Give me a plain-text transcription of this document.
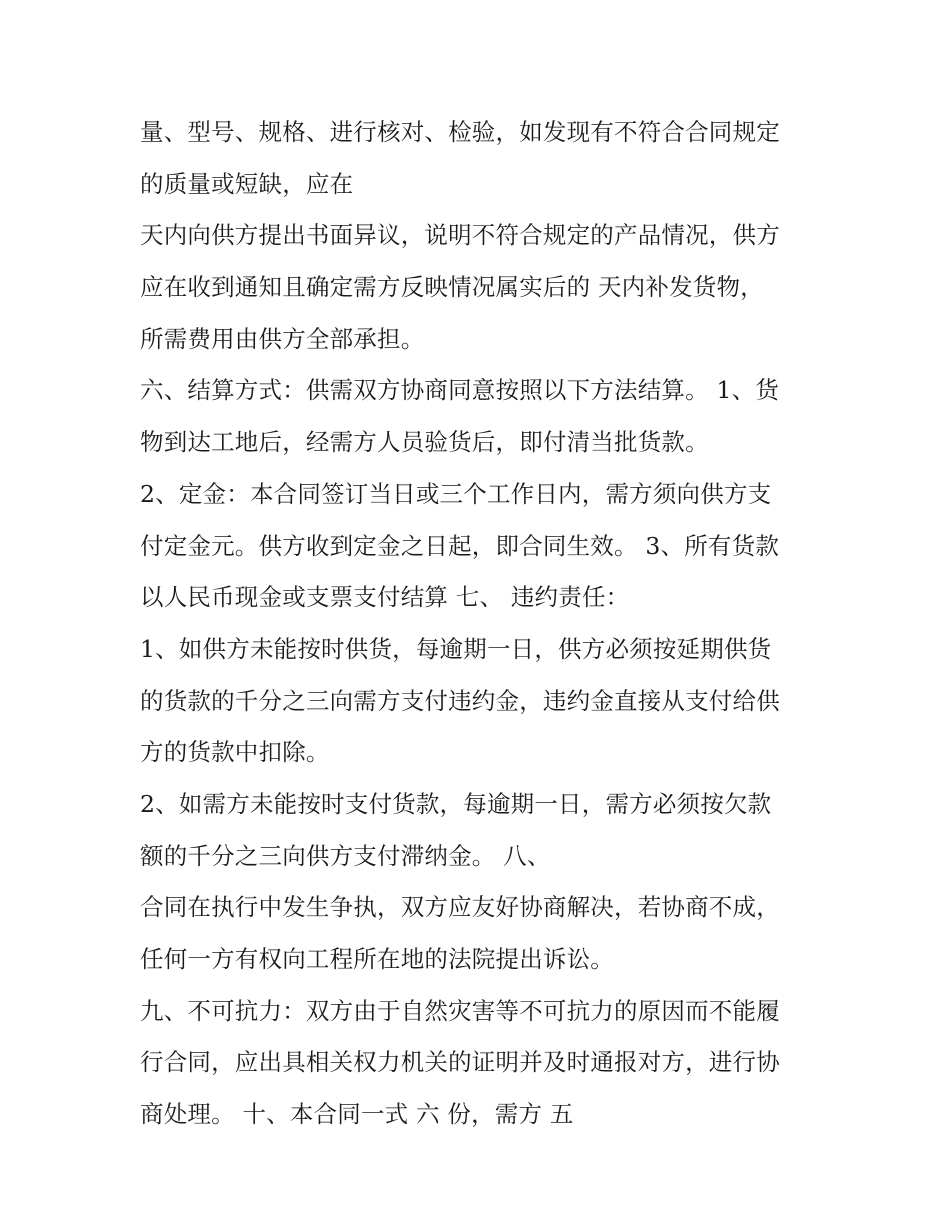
量、型号、规格、进行核对、检验，如发现有不符合合同规定
的质量或短缺，应在
天内向供方提出书面异议，说明不符合规定的产品情况，供方
应在收到通知且确定需方反映情况属实后的 天内补发货物，
所需费用由供方全部承担。
六、结算方式：供需双方协商同意按照以下方法结算。 1、货
物到达工地后，经需方人员验货后，即付清当批货款。
2、定金：本合同签订当日或三个工作日内，需方须向供方支
付定金元。供方收到定金之日起，即合同生效。 3、所有货款
以人民币现金或支票支付结算 七、 违约责任：
1、如供方未能按时供货，每逾期一日，供方必须按延期供货
的货款的千分之三向需方支付违约金，违约金直接从支付给供
方的货款中扣除。
2、如需方未能按时支付货款，每逾期一日，需方必须按欠款
额的千分之三向供方支付滞纳金。 八、
合同在执行中发生争执，双方应友好协商解决，若协商不成，
任何一方有权向工程所在地的法院提出诉讼。
九、不可抗力：双方由于自然灾害等不可抗力的原因而不能履
行合同，应出具相关权力机关的证明并及时通报对方，进行协
商处理。 十、本合同一式 六 份，需方 五
